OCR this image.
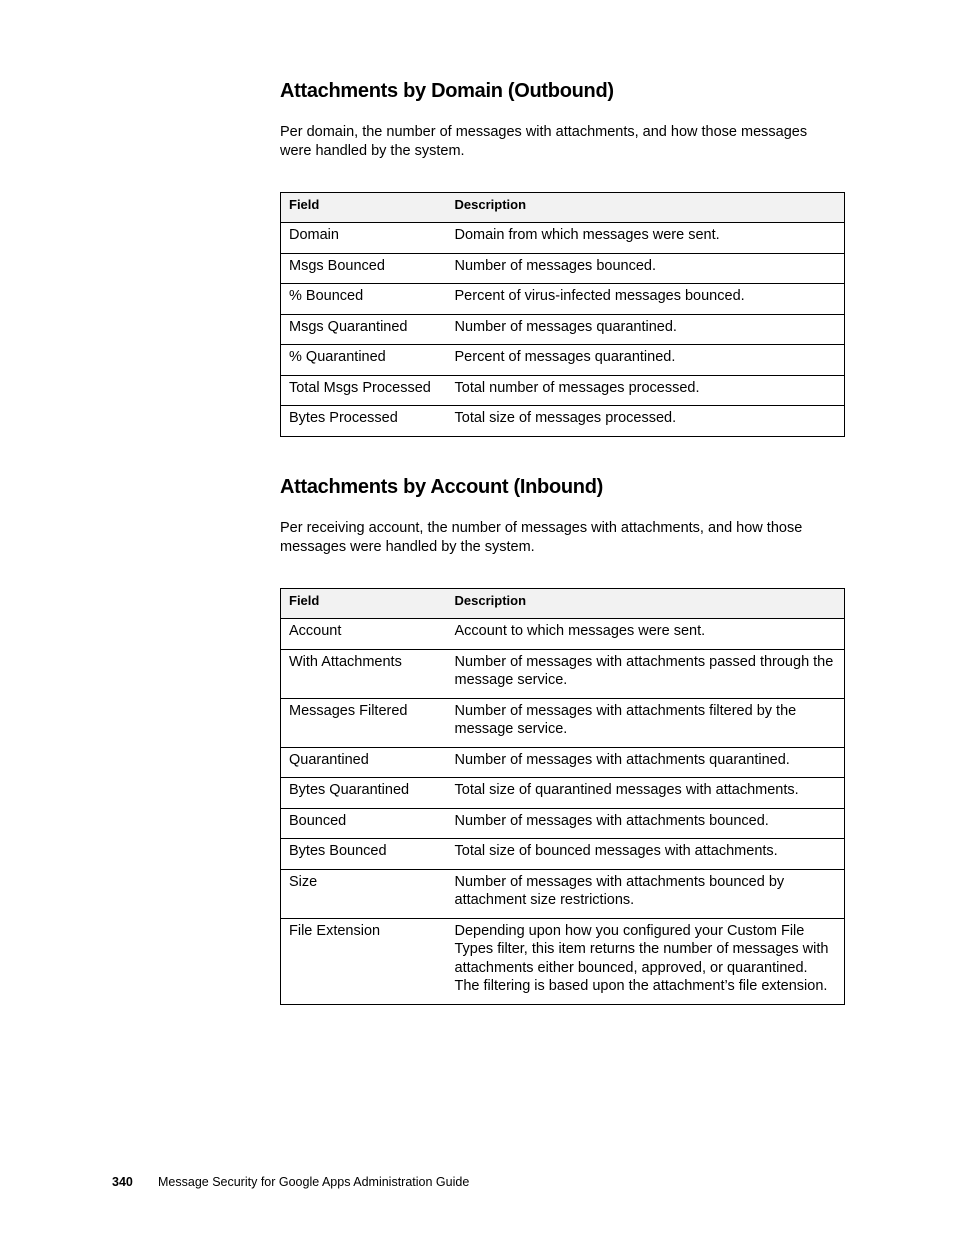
Attachments by Domain (Outbound)

Per domain, the number of messages with attachments, and how those messages were handled by the system.

Field	Description
Domain	Domain from which messages were sent.
Msgs Bounced	Number of messages bounced.
% Bounced	Percent of virus-infected messages bounced.
Msgs Quarantined	Number of messages quarantined.
% Quarantined	Percent of messages quarantined.
Total Msgs Processed	Total number of messages processed.
Bytes Processed	Total size of messages processed.
Attachments by Account (Inbound)

Per receiving account, the number of messages with attachments, and how those messages were handled by the system.

Field	Description
Account	Account to which messages were sent.
With Attachments	Number of messages with attachments passed through the message service.
Messages Filtered	Number of messages with attachments filtered by the message service.
Quarantined	Number of messages with attachments quarantined.
Bytes Quarantined	Total size of quarantined messages with attachments.
Bounced	Number of messages with attachments bounced.
Bytes Bounced	Total size of bounced messages with attachments.
Size	Number of messages with attachments bounced by attachment size restrictions.
File Extension	Depending upon how you configured your Custom File Types filter, this item returns the number of messages with attachments either bounced, approved, or quarantined. The filtering is based upon the attachment’s file extension.
340 Message Security for Google Apps Administration Guide
